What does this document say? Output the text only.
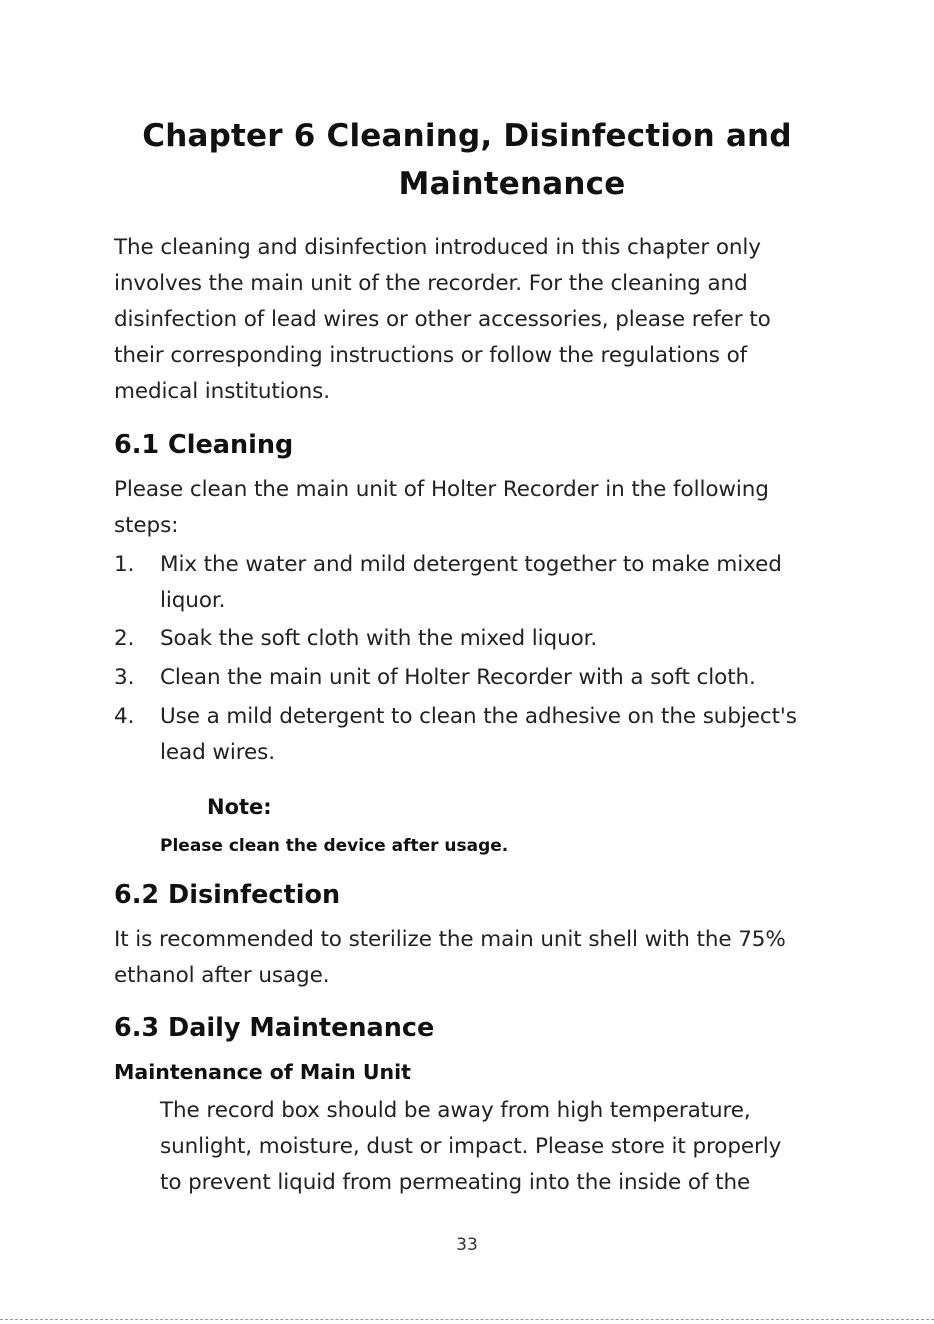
Chapter 6 Cleaning, Disinfection and
Maintenance
The cleaning and disinfection introduced in this chapter only
involves the main unit of the recorder. For the cleaning and
disinfection of lead wires or other accessories, please refer to
their corresponding instructions or follow the regulations of
medical institutions.
6.1 Cleaning
Please clean the main unit of Holter Recorder in the following
steps:
1. Mix the water and mild detergent together to make mixed
liquor.
2. Soak the soft cloth with the mixed liquor.
3. Clean the main unit of Holter Recorder with a soft cloth.
4. Use a mild detergent to clean the adhesive on the subject's
lead wires.
Note:
Please clean the device after usage.
6.2 Disinfection
It is recommended to sterilize the main unit shell with the 75%
ethanol after usage.
6.3 Daily Maintenance
Maintenance of Main Unit
The record box should be away from high temperature,
sunlight, moisture, dust or impact. Please store it properly
to prevent liquid from permeating into the inside of the
33
